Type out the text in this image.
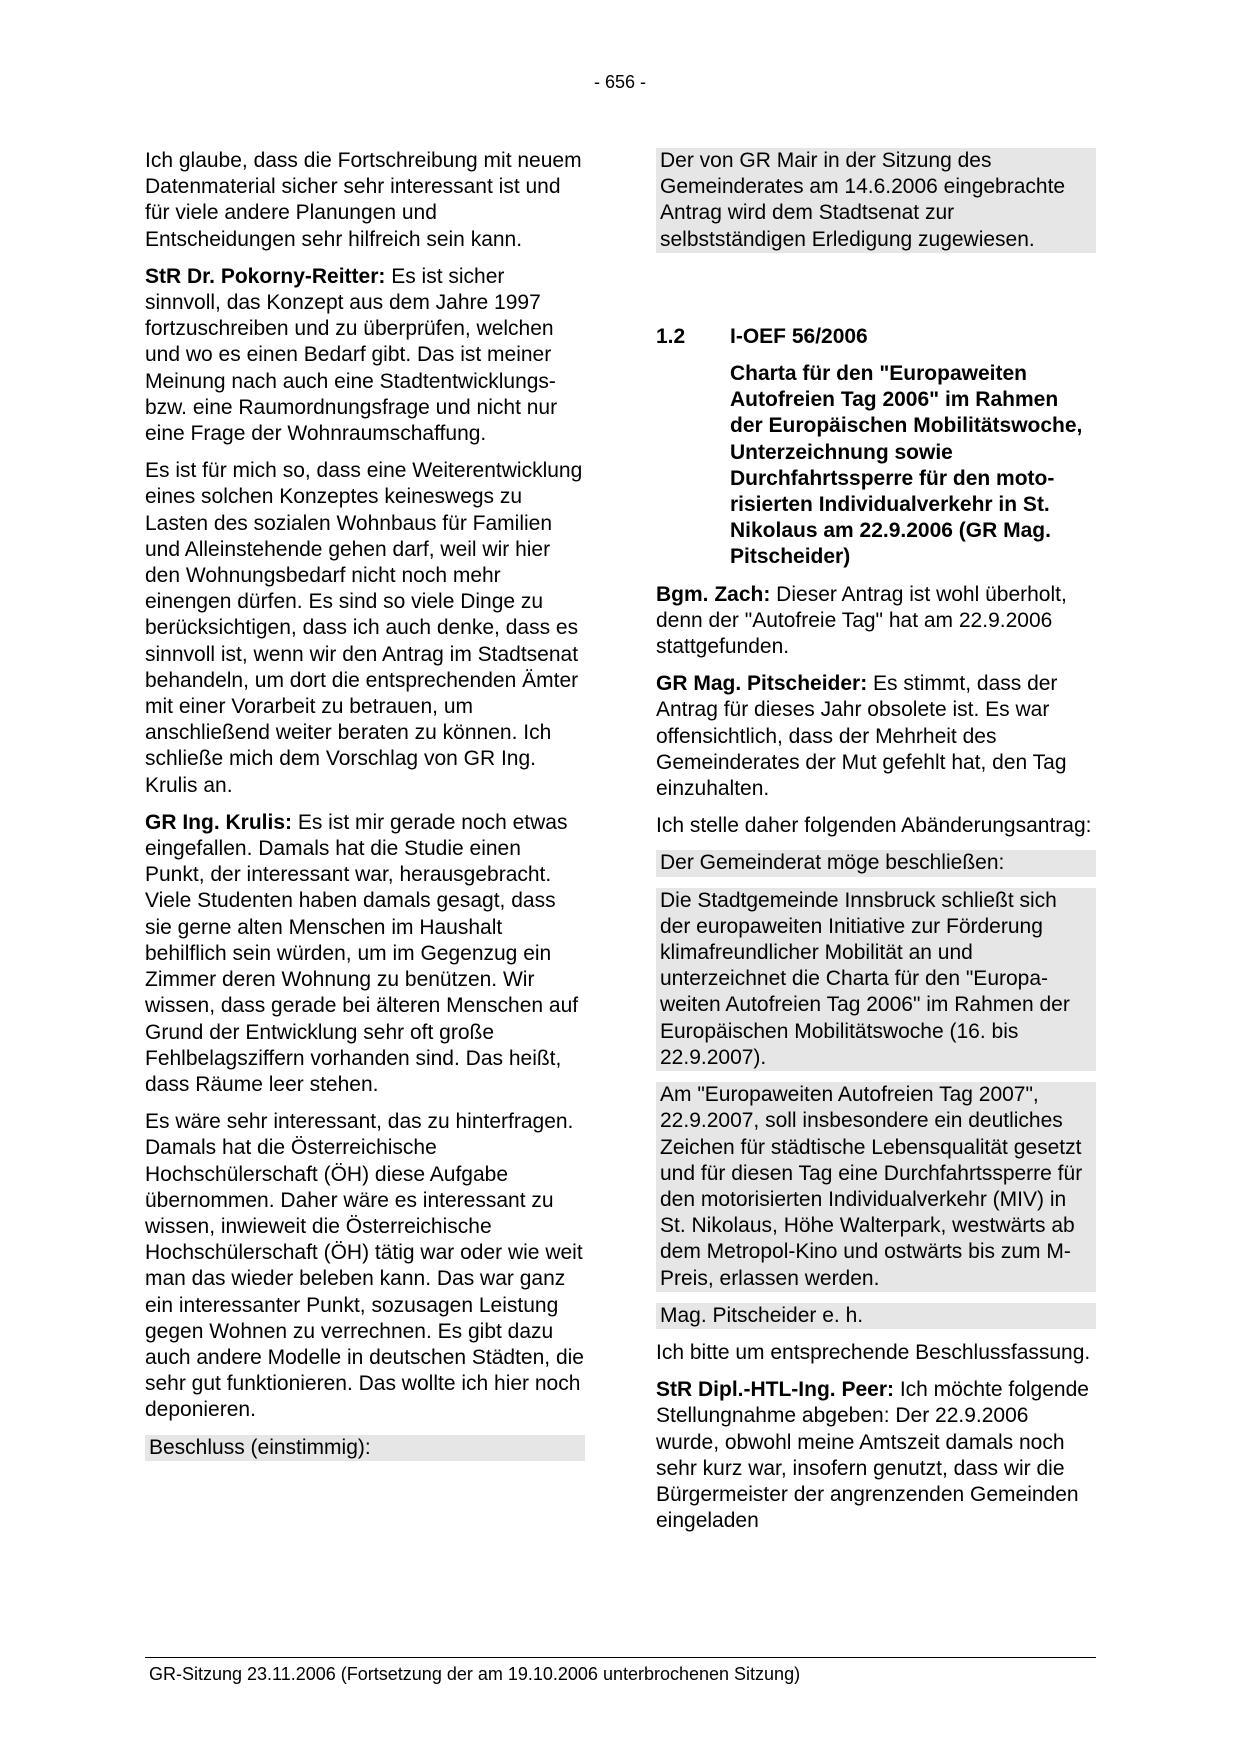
- 656 -

Ich glaube, dass die Fortschreibung mit neuem Datenmaterial sicher sehr interessant ist und für viele andere Planungen und Entscheidungen sehr hilfreich sein kann.

StR Dr. Pokorny-Reitter: Es ist sicher sinnvoll, das Konzept aus dem Jahre 1997 fortzuschreiben und zu überprüfen, welchen und wo es einen Bedarf gibt. Das ist meiner Meinung nach auch eine Stadtentwicklungs- bzw. eine Raumordnungsfrage und nicht nur eine Frage der Wohnraumschaffung.

Es ist für mich so, dass eine Weiterentwicklung eines solchen Konzeptes keineswegs zu Lasten des sozialen Wohnbaus für Familien und Alleinstehende gehen darf, weil wir hier den Wohnungsbedarf nicht noch mehr einengen dürfen. Es sind so viele Dinge zu berücksichtigen, dass ich auch denke, dass es sinnvoll ist, wenn wir den Antrag im Stadtsenat behandeln, um dort die entsprechenden Ämter mit einer Vorarbeit zu betrauen, um anschließend weiter beraten zu können. Ich schließe mich dem Vorschlag von GR Ing. Krulis an.

GR Ing. Krulis: Es ist mir gerade noch etwas eingefallen. Damals hat die Studie einen Punkt, der interessant war, herausgebracht. Viele Studenten haben damals gesagt, dass sie gerne alten Menschen im Haushalt behilflich sein würden, um im Gegenzug ein Zimmer deren Wohnung zu benützen. Wir wissen, dass gerade bei älteren Menschen auf Grund der Entwicklung sehr oft große Fehlbelagsziffern vorhanden sind. Das heißt, dass Räume leer stehen.

Es wäre sehr interessant, das zu hinterfragen. Damals hat die Österreichische Hochschülerschaft (ÖH) diese Aufgabe übernommen. Daher wäre es interessant zu wissen, inwieweit die Österreichische Hochschülerschaft (ÖH) tätig war oder wie weit man das wieder beleben kann. Das war ganz ein interessanter Punkt, sozusagen Leistung gegen Wohnen zu verrechnen. Es gibt dazu auch andere Modelle in deutschen Städten, die sehr gut funktionieren. Das wollte ich hier noch deponieren.

Beschluss (einstimmig):

Der von GR Mair in der Sitzung des Gemeinderates am 14.6.2006 eingebrachte Antrag wird dem Stadtsenat zur selbstständigen Erledigung zugewiesen.

1.2	I-OEF 56/2006
Charta für den "Europaweiten Autofreien Tag 2006" im Rahmen der Europäischen Mobilitätswoche, Unterzeichnung sowie Durchfahrtssperre für den motorisierten Individualverkehr in St. Nikolaus am 22.9.2006 (GR Mag. Pitscheider)

Bgm. Zach: Dieser Antrag ist wohl überholt, denn der "Autofreie Tag" hat am 22.9.2006 stattgefunden.

GR Mag. Pitscheider: Es stimmt, dass der Antrag für dieses Jahr obsolete ist. Es war offensichtlich, dass der Mehrheit des Gemeinderates der Mut gefehlt hat, den Tag einzuhalten.

Ich stelle daher folgenden Abänderungsantrag:

Der Gemeinderat möge beschließen:

Die Stadtgemeinde Innsbruck schließt sich der europaweiten Initiative zur Förderung klimafreundlicher Mobilität an und unterzeichnet die Charta für den "Europaweiten Autofreien Tag 2006" im Rahmen der Europäischen Mobilitätswoche (16. bis 22.9.2007).

Am "Europaweiten Autofreien Tag 2007", 22.9.2007, soll insbesondere ein deutliches Zeichen für städtische Lebensqualität gesetzt und für diesen Tag eine Durchfahrtssperre für den motorisierten Individualverkehr (MIV) in St. Nikolaus, Höhe Walterpark, westwärts ab dem Metropol-Kino und ostwärts bis zum M-Preis, erlassen werden.

Mag. Pitscheider e. h.

Ich bitte um entsprechende Beschlussfassung.

StR Dipl.-HTL-Ing. Peer: Ich möchte folgende Stellungnahme abgeben: Der 22.9.2006 wurde, obwohl meine Amtszeit damals noch sehr kurz war, insofern genutzt, dass wir die Bürgermeister der angrenzenden Gemeinden eingeladen

GR-Sitzung 23.11.2006 (Fortsetzung der am 19.10.2006 unterbrochenen Sitzung)
